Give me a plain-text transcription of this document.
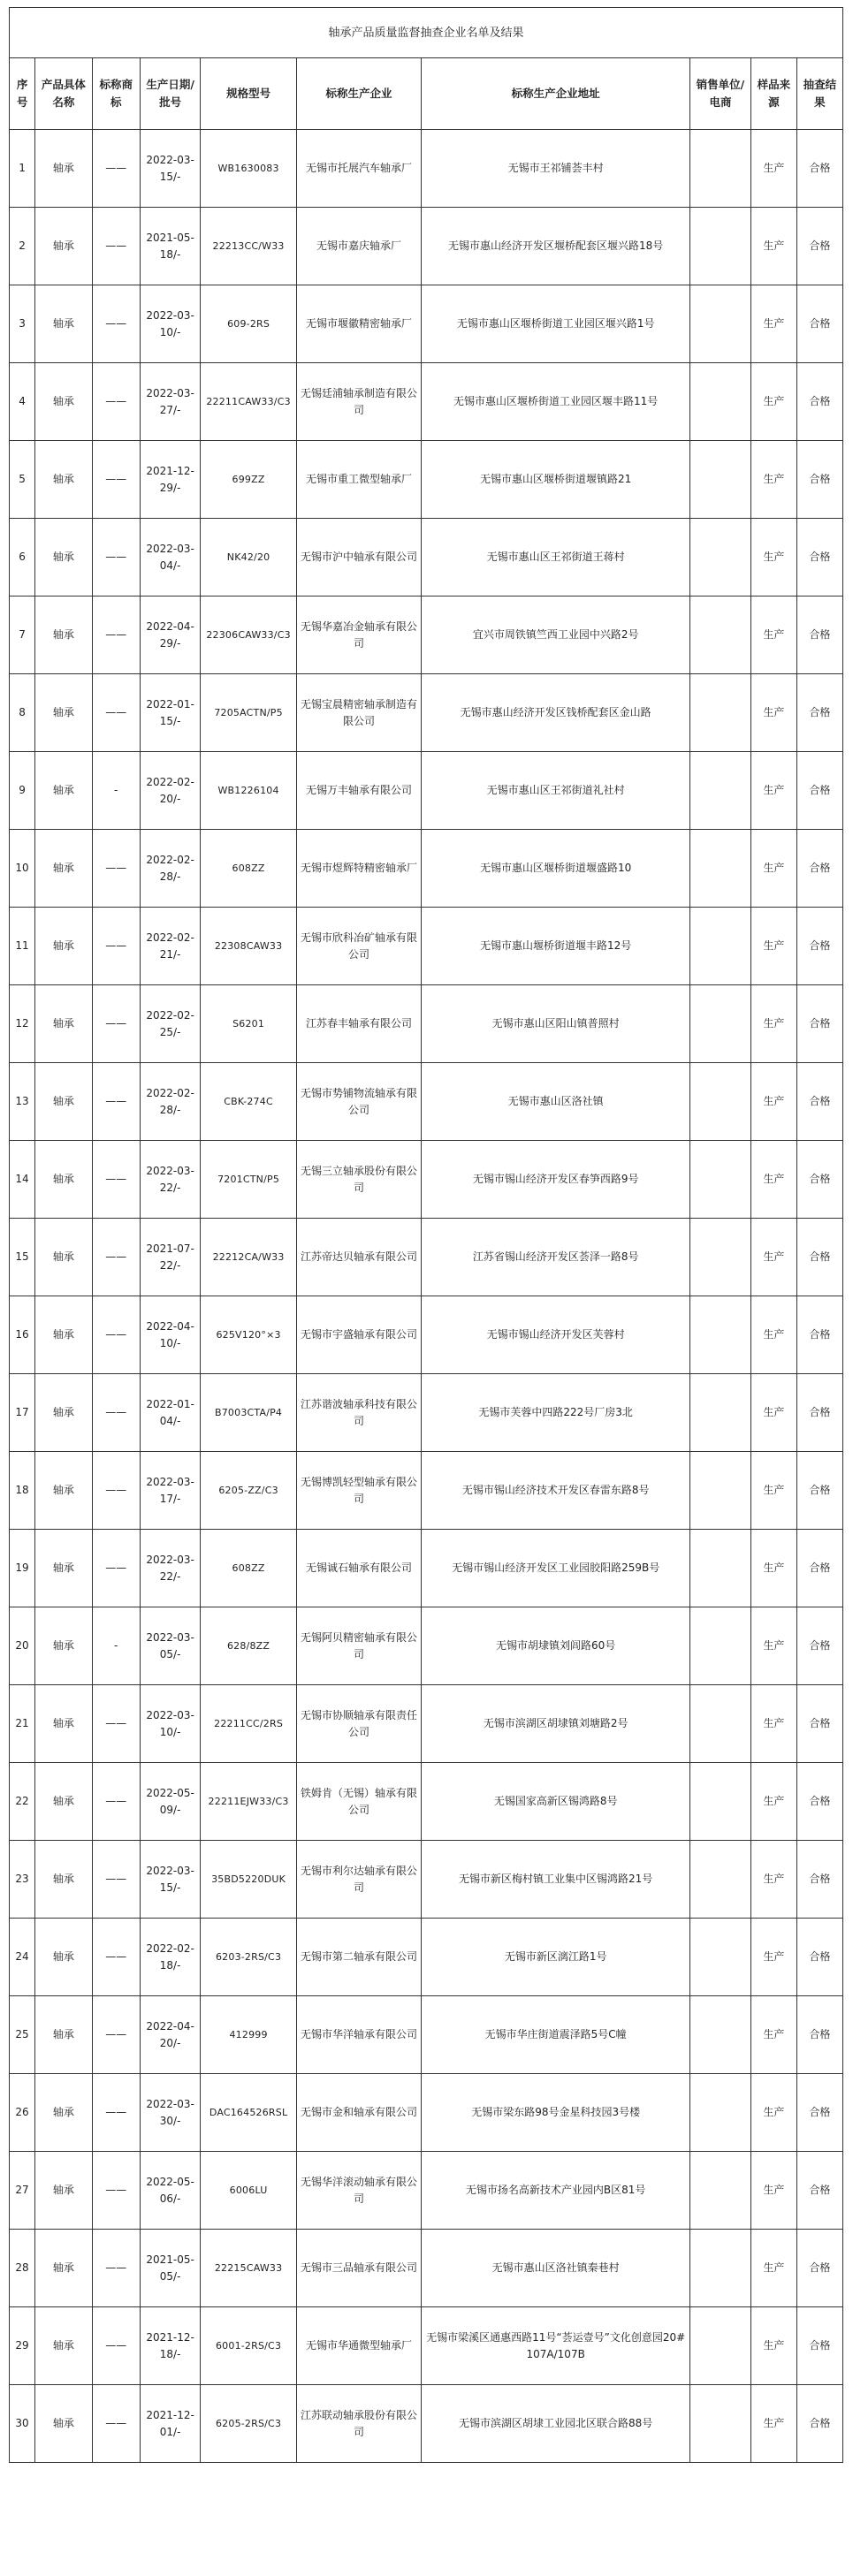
轴承产品质量监督抽查企业名单及结果									
序号	产品具体名称	标称商标	生产日期/批号	规格型号	标称生产企业	标称生产企业地址	销售单位/电商	样品来源	抽查结果
1	轴承	——	2022-03-15/-	WB1630083	无锡市托展汽车轴承厂	无锡市王祁铺荟丰村		生产	合格
2	轴承	——	2021-05-18/-	22213CC/W33	无锡市嘉庆轴承厂	无锡市惠山经济开发区堰桥配套区堰兴路18号		生产	合格
3	轴承	——	2022-03-10/-	609-2RS	无锡市堰徽精密轴承厂	无锡市惠山区堰桥街道工业园区堰兴路1号		生产	合格
4	轴承	——	2022-03-27/-	22211CAW33/C3	无锡廷浦轴承制造有限公司	无锡市惠山区堰桥街道工业园区堰丰路11号		生产	合格
5	轴承	——	2021-12-29/-	699ZZ	无锡市重工微型轴承厂	无锡市惠山区堰桥街道堰镇路21		生产	合格
6	轴承	——	2022-03-04/-	NK42/20	无锡市沪中轴承有限公司	无锡市惠山区王祁街道王蒋村		生产	合格
7	轴承	——	2022-04-29/-	22306CAW33/C3	无锡华嘉冶金轴承有限公司	宜兴市周铁镇竺西工业园中兴路2号		生产	合格
8	轴承	——	2022-01-15/-	7205ACTN/P5	无锡宝晨精密轴承制造有限公司	无锡市惠山经济开发区钱桥配套区金山路		生产	合格
9	轴承	-	2022-02-20/-	WB1226104	无锡万丰轴承有限公司	无锡市惠山区王祁街道礼社村		生产	合格
10	轴承	——	2022-02-28/-	608ZZ	无锡市煜辉特精密轴承厂	无锡市惠山区堰桥街道堰盛路10		生产	合格
11	轴承	——	2022-02-21/-	22308CAW33	无锡市欣科冶矿轴承有限公司	无锡市惠山堰桥街道堰丰路12号		生产	合格
12	轴承	——	2022-02-25/-	S6201	江苏春丰轴承有限公司	无锡市惠山区阳山镇普照村		生产	合格
13	轴承	——	2022-02-28/-	CBK-274C	无锡市势铺物流轴承有限公司	无锡市惠山区洛社镇		生产	合格
14	轴承	——	2022-03-22/-	7201CTN/P5	无锡三立轴承股份有限公司	无锡市锡山经济开发区春笋西路9号		生产	合格
15	轴承	——	2021-07-22/-	22212CA/W33	江苏帝达贝轴承有限公司	江苏省锡山经济开发区荟泽一路8号		生产	合格
16	轴承	——	2022-04-10/-	625V120°×3	无锡市宇盛轴承有限公司	无锡市锡山经济开发区芙蓉村		生产	合格
17	轴承	——	2022-01-04/-	B7003CTA/P4	江苏谐波轴承科技有限公司	无锡市芙蓉中四路222号厂房3北		生产	合格
18	轴承	——	2022-03-17/-	6205-ZZ/C3	无锡博凯轻型轴承有限公司	无锡市锡山经济技术开发区春雷东路8号		生产	合格
19	轴承	——	2022-03-22/-	608ZZ	无锡诚石轴承有限公司	无锡市锡山经济开发区工业园胶阳路259B号		生产	合格
20	轴承	-	2022-03-05/-	628/8ZZ	无锡阿贝精密轴承有限公司	无锡市胡埭镇刘闾路60号		生产	合格
21	轴承	——	2022-03-10/-	22211CC/2RS	无锡市协顺轴承有限责任公司	无锡市滨湖区胡埭镇刘塘路2号		生产	合格
22	轴承	——	2022-05-09/-	22211EJW33/C3	铁姆肯（无锡）轴承有限公司	无锡国家高新区锡鸿路8号		生产	合格
23	轴承	——	2022-03-15/-	35BD5220DUK	无锡市利尔达轴承有限公司	无锡市新区梅村镇工业集中区锡鸿路21号		生产	合格
24	轴承	——	2022-02-18/-	6203-2RS/C3	无锡市第二轴承有限公司	无锡市新区漓江路1号		生产	合格
25	轴承	——	2022-04-20/-	412999	无锡市华洋轴承有限公司	无锡市华庄街道震泽路5号C幢		生产	合格
26	轴承	——	2022-03-30/-	DAC164526RSL	无锡市金和轴承有限公司	无锡市梁东路98号金星科技园3号楼		生产	合格
27	轴承	——	2022-05-06/-	6006LU	无锡华洋滚动轴承有限公司	无锡市扬名高新技术产业园内B区81号		生产	合格
28	轴承	——	2021-05-05/-	22215CAW33	无锡市三品轴承有限公司	无锡市惠山区洛社镇秦巷村		生产	合格
29	轴承	——	2021-12-18/-	6001-2RS/C3	无锡市华通微型轴承厂	无锡市梁溪区通惠西路11号“荟运壹号”文化创意园20#107A/107B		生产	合格
30	轴承	——	2021-12-01/-	6205-2RS/C3	江苏联动轴承股份有限公司	无锡市滨湖区胡埭工业园北区联合路88号		生产	合格
